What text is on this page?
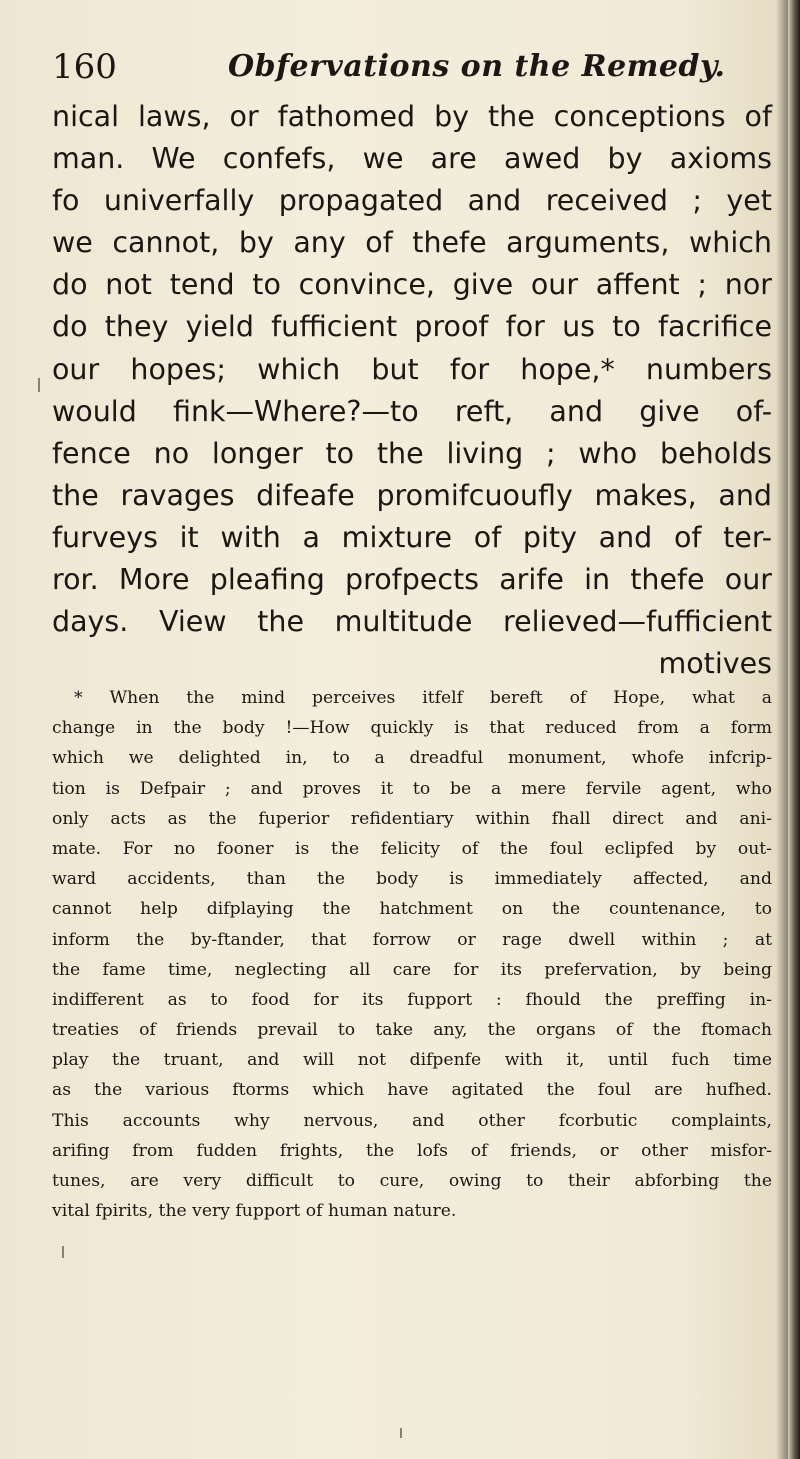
160	Obfervations on the Remedy.
nical laws, or fathomed by the conceptions of
man. We confefs, we are awed by axioms
fo univerfally propagated and received ; yet
we cannot, by any of thefe arguments, which
do not tend to convince, give our affent ; nor
do they yield fufficient proof for us to facrifice
our hopes; which but for hope,* numbers
would fink—Where?—to reft, and give of-
fence no longer to the living ; who beholds
the ravages difeafe promifcuoufly makes, and
furveys it with a mixture of pity and of ter-
ror. More pleafing profpects arife in thefe our
days. View the multitude relieved—fufficient
motives
* When the mind perceives itfelf bereft of Hope, what a
change in the body !—How quickly is that reduced from a form
which we delighted in, to a dreadful monument, whofe infcrip-
tion is Defpair ; and proves it to be a mere fervile agent, who
only acts as the fuperior refidentiary within fhall direct and ani-
mate. For no fooner is the felicity of the foul eclipfed by out-
ward accidents, than the body is immediately affected, and
cannot help difplaying the hatchment on the countenance, to
inform the by-ftander, that forrow or rage dwell within ; at
the fame time, neglecting all care for its prefervation, by being
indifferent as to food for its fupport : fhould the preffing in-
treaties of friends prevail to take any, the organs of the ftomach
play the truant, and will not difpenfe with it, until fuch time
as the various ftorms which have agitated the foul are hufhed.
This accounts why nervous, and other fcorbutic complaints,
arifing from fudden frights, the lofs of friends, or other misfor-
tunes, are very difficult to cure, owing to their abforbing the
vital fpirits, the very fupport of human nature.
